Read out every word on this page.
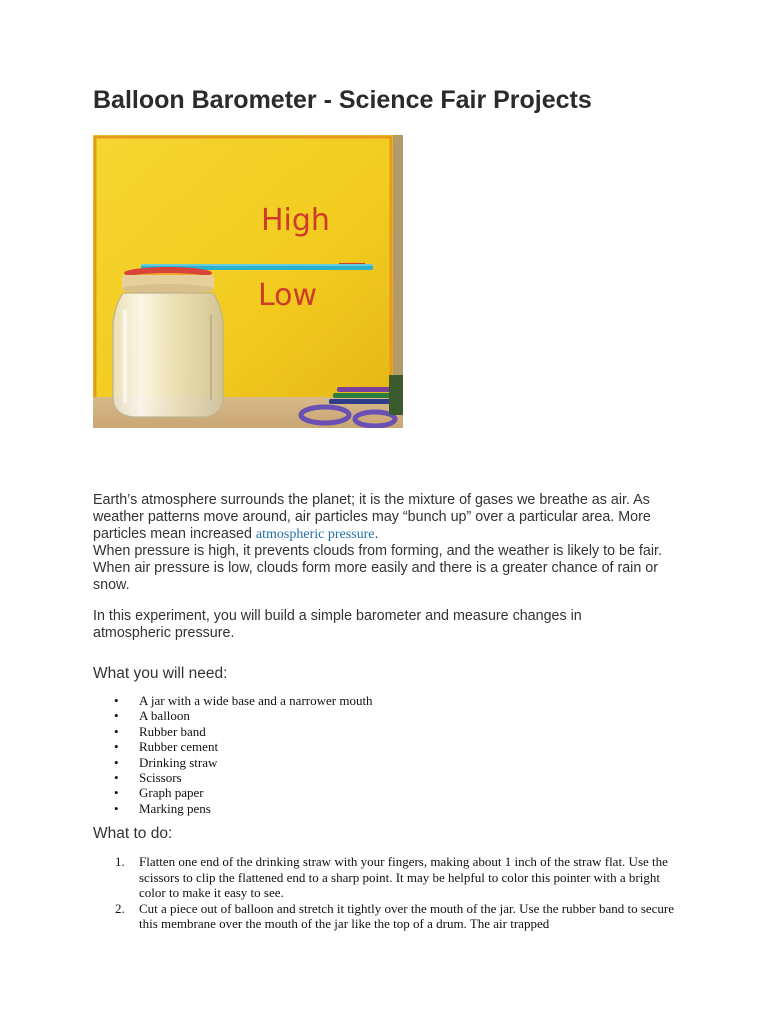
Balloon Barometer - Science Fair Projects
High
Low

Earth’s atmosphere surrounds the planet; it is the mixture of gases we breathe as air. As weather patterns move around, air particles may “bunch up” over a particular area. More particles mean increased atmospheric pressure.

When pressure is high, it prevents clouds from forming, and the weather is likely to be fair. When air pressure is low, clouds form more easily and there is a greater chance of rain or snow.

In this experiment, you will build a simple barometer and measure changes in atmospheric pressure.

What you will need:
• A jar with a wide base and a narrower mouth
• A balloon
• Rubber band
• Rubber cement
• Drinking straw
• Scissors
• Graph paper
• Marking pens
What to do:
1. Flatten one end of the drinking straw with your fingers, making about 1 inch of the straw flat. Use the scissors to clip the flattened end to a sharp point. It may be helpful to color this pointer with a bright color to make it easy to see.
2. Cut a piece out of balloon and stretch it tightly over the mouth of the jar. Use the rubber band to secure this membrane over the mouth of the jar like the top of a drum. The air trapped
